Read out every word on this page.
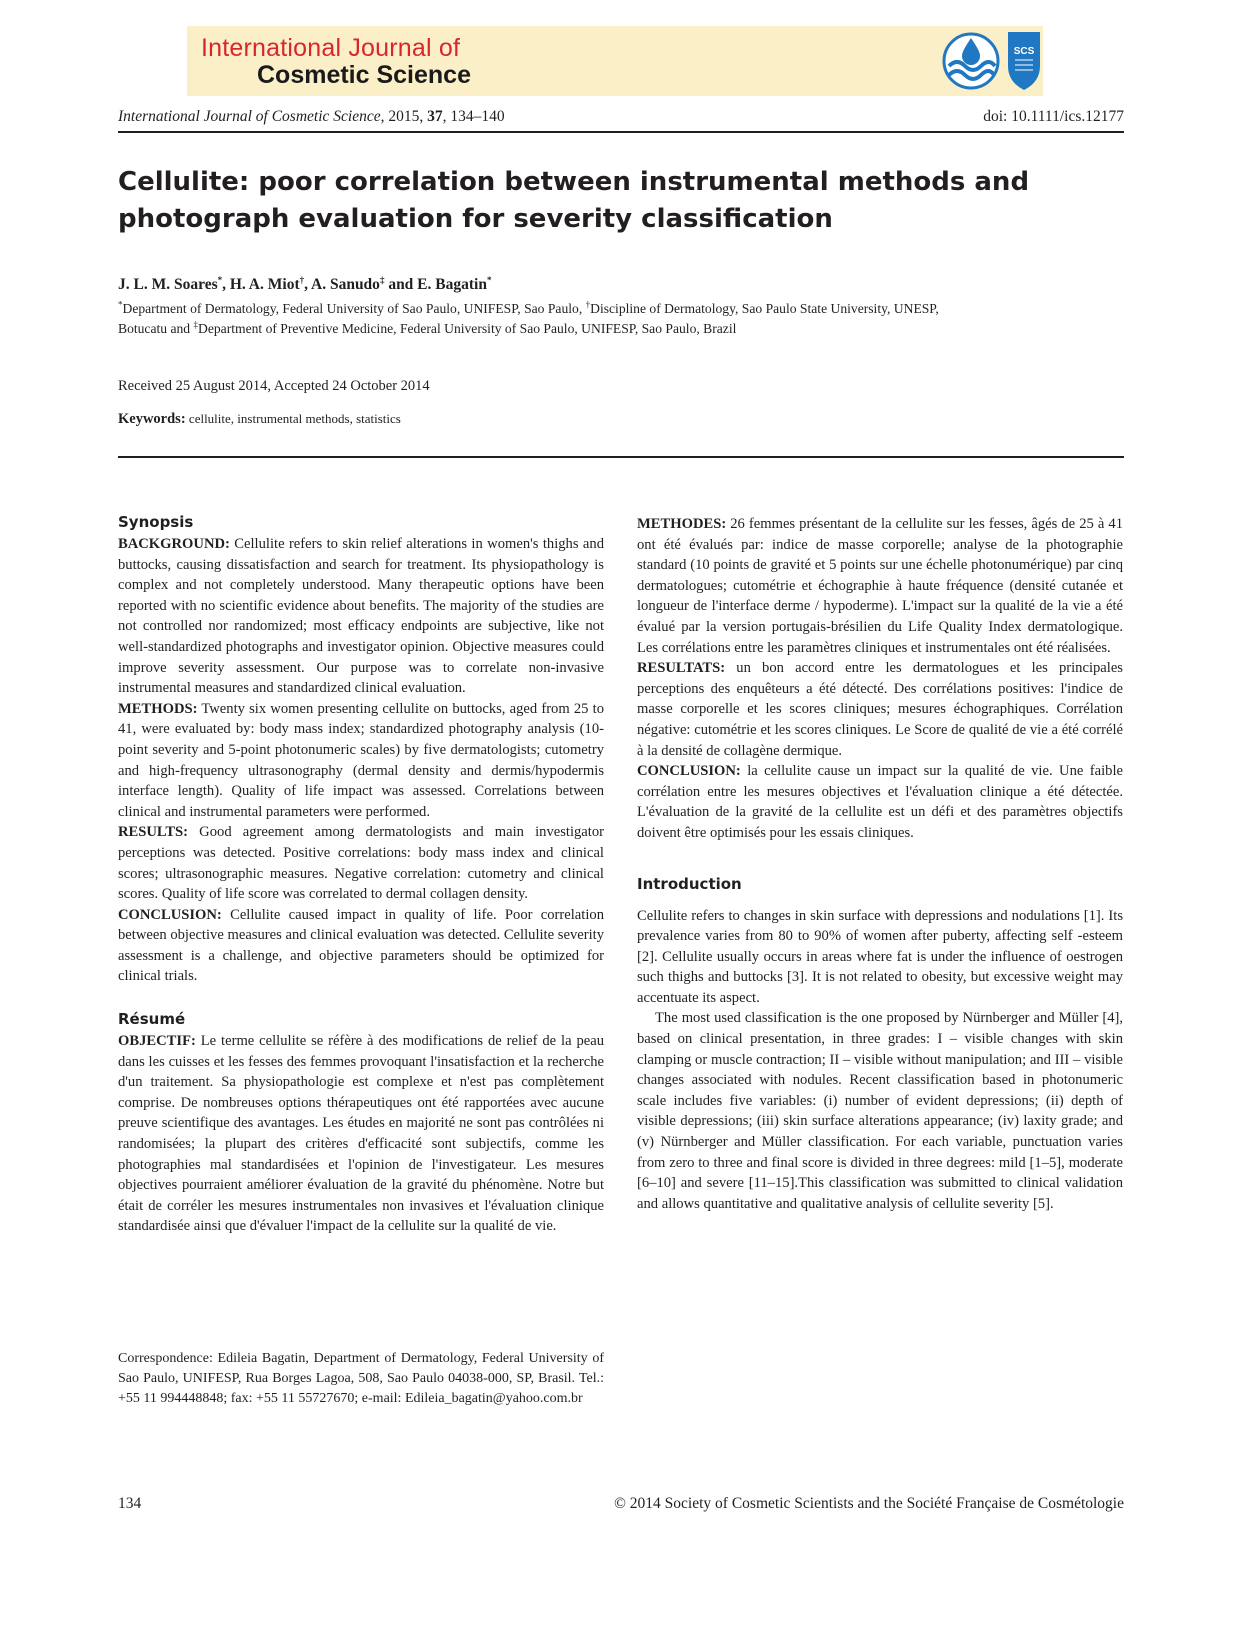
International Journal of
Cosmetic Science
SCS
International Journal of Cosmetic Science, 2015, 37, 134–140	doi: 10.1111/ics.12177
Cellulite: poor correlation between instrumental methods and
photograph evaluation for severity classification
J. L. M. Soares*, H. A. Miot†, A. Sanudo‡ and E. Bagatin*
*Department of Dermatology, Federal University of Sao Paulo, UNIFESP, Sao Paulo, †Discipline of Dermatology, Sao Paulo State University, UNESP,
Botucatu and ‡Department of Preventive Medicine, Federal University of Sao Paulo, UNIFESP, Sao Paulo, Brazil
Received 25 August 2014, Accepted 24 October 2014
Keywords: cellulite, instrumental methods, statistics
Synopsis

BACKGROUND: Cellulite refers to skin relief alterations in women's thighs and buttocks, causing dissatisfaction and search for treatment. Its physiopathology is complex and not completely understood. Many therapeutic options have been reported with no scientific evidence about benefits. The majority of the studies are not controlled nor randomized; most efficacy endpoints are subjective, like not well-standardized photographs and investigator opinion. Objective measures could improve severity assessment. Our purpose was to correlate non-invasive instrumental measures and standardized clinical evaluation.

METHODS: Twenty six women presenting cellulite on buttocks, aged from 25 to 41, were evaluated by: body mass index; standardized photography analysis (10-point severity and 5-point photonumeric scales) by five dermatologists; cutometry and high-frequency ultrasonography (dermal density and dermis/hypodermis interface length). Quality of life impact was assessed. Correlations between clinical and instrumental parameters were performed.

RESULTS: Good agreement among dermatologists and main investigator perceptions was detected. Positive correlations: body mass index and clinical scores; ultrasonographic measures. Negative correlation: cutometry and clinical scores. Quality of life score was correlated to dermal collagen density.

CONCLUSION: Cellulite caused impact in quality of life. Poor correlation between objective measures and clinical evaluation was detected. Cellulite severity assessment is a challenge, and objective parameters should be optimized for clinical trials.

Résumé

OBJECTIF: Le terme cellulite se réfère à des modifications de relief de la peau dans les cuisses et les fesses des femmes provoquant l'insatisfaction et la recherche d'un traitement. Sa physiopathologie est complexe et n'est pas complètement comprise. De nombreuses options thérapeutiques ont été rapportées avec aucune preuve scientifique des avantages. Les études en majorité ne sont pas contrôlées ni randomisées; la plupart des critères d'efficacité sont subjectifs, comme les photographies mal standardisées et l'opinion de l'investigateur. Les mesures objectives pourraient améliorer évaluation de la gravité du phénomène. Notre but était de corréler les mesures instrumentales non invasives et l'évaluation clinique standardisée ainsi que d'évaluer l'impact de la cellulite sur la qualité de vie.

Correspondence: Edileia Bagatin, Department of Dermatology, Federal University of Sao Paulo, UNIFESP, Rua Borges Lagoa, 508, Sao Paulo 04038-000, SP, Brasil. Tel.: +55 11 994448848; fax: +55 11 55727670; e-mail: Edileia_bagatin@yahoo.com.br

METHODES: 26 femmes présentant de la cellulite sur les fesses, âgés de 25 à 41 ont été évalués par: indice de masse corporelle; analyse de la photographie standard (10 points de gravité et 5 points sur une échelle photonumérique) par cinq dermatologues; cutométrie et échographie à haute fréquence (densité cutanée et longueur de l'interface derme / hypoderme). L'impact sur la qualité de la vie a été évalué par la version portugais-brésilien du Life Quality Index dermatologique. Les corrélations entre les paramètres cliniques et instrumentales ont été réalisées.

RESULTATS: un bon accord entre les dermatologues et les principales perceptions des enquêteurs a été détecté. Des corrélations positives: l'indice de masse corporelle et les scores cliniques; mesures échographiques. Corrélation négative: cutométrie et les scores cliniques. Le Score de qualité de vie a été corrélé à la densité de collagène dermique.

CONCLUSION: la cellulite cause un impact sur la qualité de vie. Une faible corrélation entre les mesures objectives et l'évaluation clinique a été détectée. L'évaluation de la gravité de la cellulite est un défi et des paramètres objectifs doivent être optimisés pour les essais cliniques.

Introduction

Cellulite refers to changes in skin surface with depressions and nodulations [1]. Its prevalence varies from 80 to 90% of women after puberty, affecting self -esteem [2]. Cellulite usually occurs in areas where fat is under the influence of oestrogen such thighs and buttocks [3]. It is not related to obesity, but excessive weight may accentuate its aspect.

The most used classification is the one proposed by Nürnberger and Müller [4], based on clinical presentation, in three grades: I – visible changes with skin clamping or muscle contraction; II – visible without manipulation; and III – visible changes associated with nodules. Recent classification based in photonumeric scale includes five variables: (i) number of evident depressions; (ii) depth of visible depressions; (iii) skin surface alterations appearance; (iv) laxity grade; and (v) Nürnberger and Müller classification. For each variable, punctuation varies from zero to three and final score is divided in three degrees: mild [1–5], moderate [6–10] and severe [11–15].This classification was submitted to clinical validation and allows quantitative and qualitative analysis of cellulite severity [5].

134	© 2014 Society of Cosmetic Scientists and the Société Française de Cosmétologie
